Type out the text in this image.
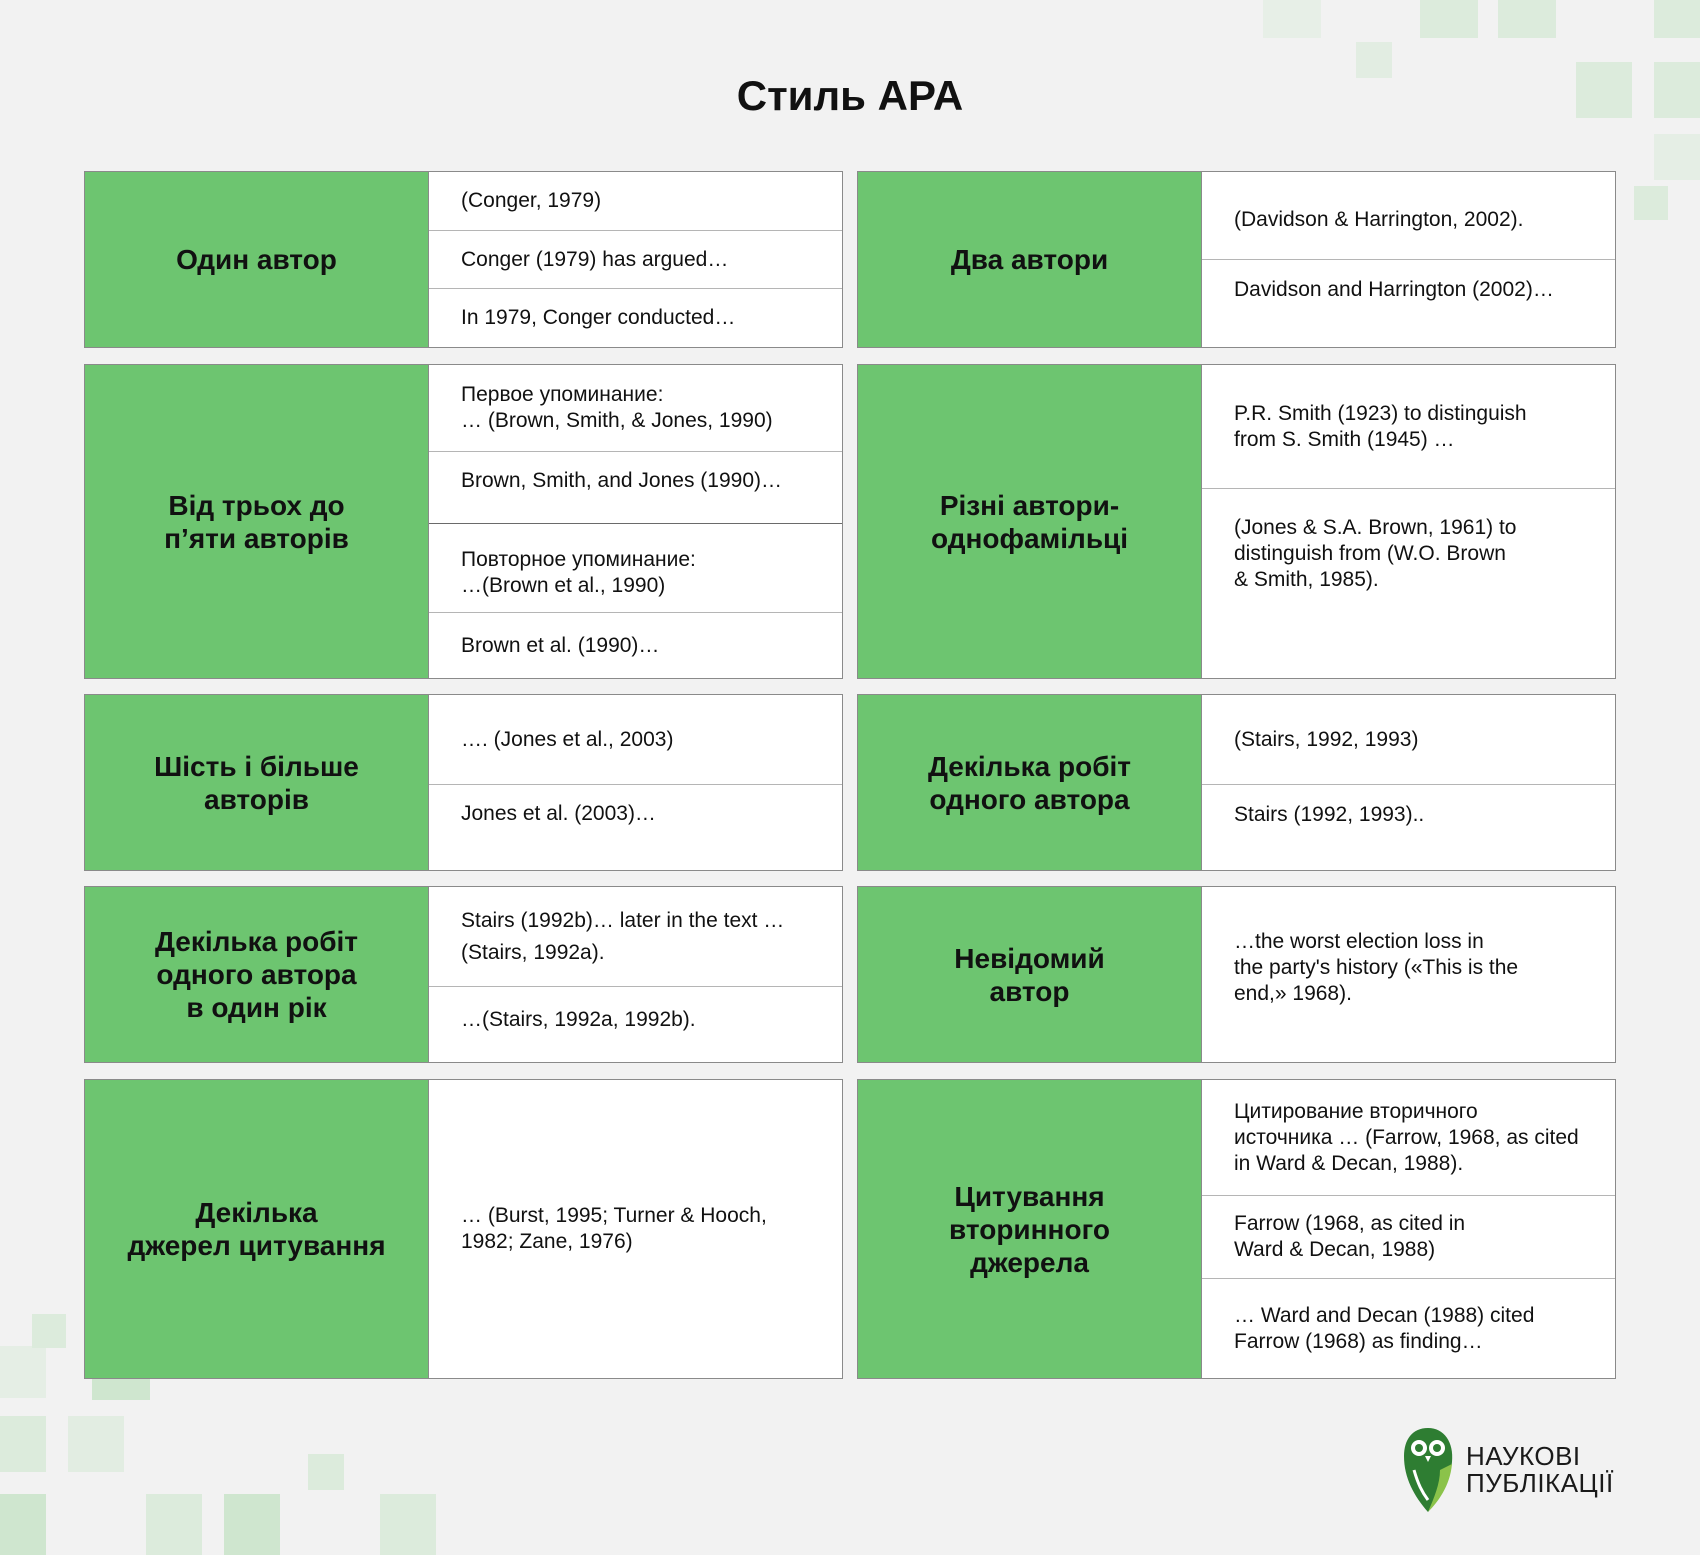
Стиль APA
Один автор
(Conger, 1979)
Conger (1979) has argued…
In 1979, Conger conducted…
Два автори
(Davidson & Harrington, 2002).
Davidson and Harrington (2002)…
Від трьох до
п’яти авторів
Первое упоминание:
… (Brown, Smith, & Jones, 1990)
Brown, Smith, and Jones (1990)…
Повторное упоминание:
…(Brown et al., 1990)
Brown et al. (1990)…
Різні автори-
однофамільці
P.R. Smith (1923) to distinguish
from S. Smith (1945) …
(Jones & S.A. Brown, 1961) to
distinguish from (W.O. Brown
& Smith, 1985).
Шість і більше
авторів
…. (Jones et al., 2003)
Jones et al. (2003)…
Декілька робіт
одного автора
(Stairs, 1992, 1993)
Stairs (1992, 1993)..
Декілька робіт
одного автора
в один рік
Stairs (1992b)… later in the text …
(Stairs, 1992a).
…(Stairs, 1992a, 1992b).
Невідомий
автор
…the worst election loss in
the party's history («This is the
end,» 1968).
Декілька
джерел цитування
… (Burst, 1995; Turner & Hooch,
1982; Zane, 1976)
Цитування
вторинного
джерела
Цитирование вторичного
источника … (Farrow, 1968, as cited
in Ward & Decan, 1988).
Farrow (1968, as cited in
Ward & Decan, 1988)
… Ward and Decan (1988) cited
Farrow (1968) as finding…
НАУКОВІ
ПУБЛІКАЦІЇ
